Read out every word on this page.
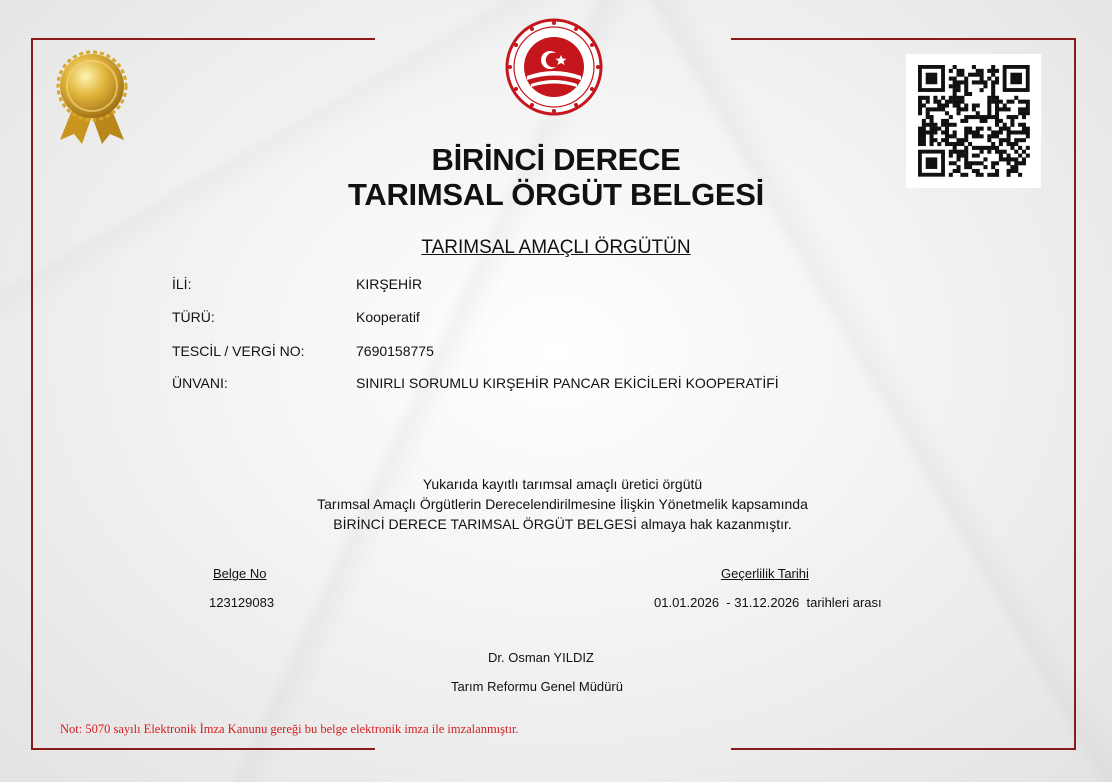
BİRİNCİ DERECE
TARIMSAL ÖRGÜT BELGESİ
TARIMSAL AMAÇLI ÖRGÜTÜN
İLİ:	KIRŞEHİR
TÜRÜ:	Kooperatif
TESCİL / VERGİ NO:	7690158775
ÜNVANI:	SINIRLI SORUMLU KIRŞEHİR PANCAR EKİCİLERİ KOOPERATİFİ
Yukarıda kayıtlı tarımsal amaçlı üretici örgütü
Tarımsal Amaçlı Örgütlerin Derecelendirilmesine İlişkin Yönetmelik kapsamında
BİRİNCİ DERECE TARIMSAL ÖRGÜT BELGESİ almaya hak kazanmıştır.
Belge No
123129083
Geçerlilik Tarihi
01.01.2026  - 31.12.2026  tarihleri arası
Dr. Osman YILDIZ
Tarım Reformu Genel Müdürü
Not: 5070 sayılı Elektronik İmza Kanunu gereği bu belge elektronik imza ile imzalanmıştır.
